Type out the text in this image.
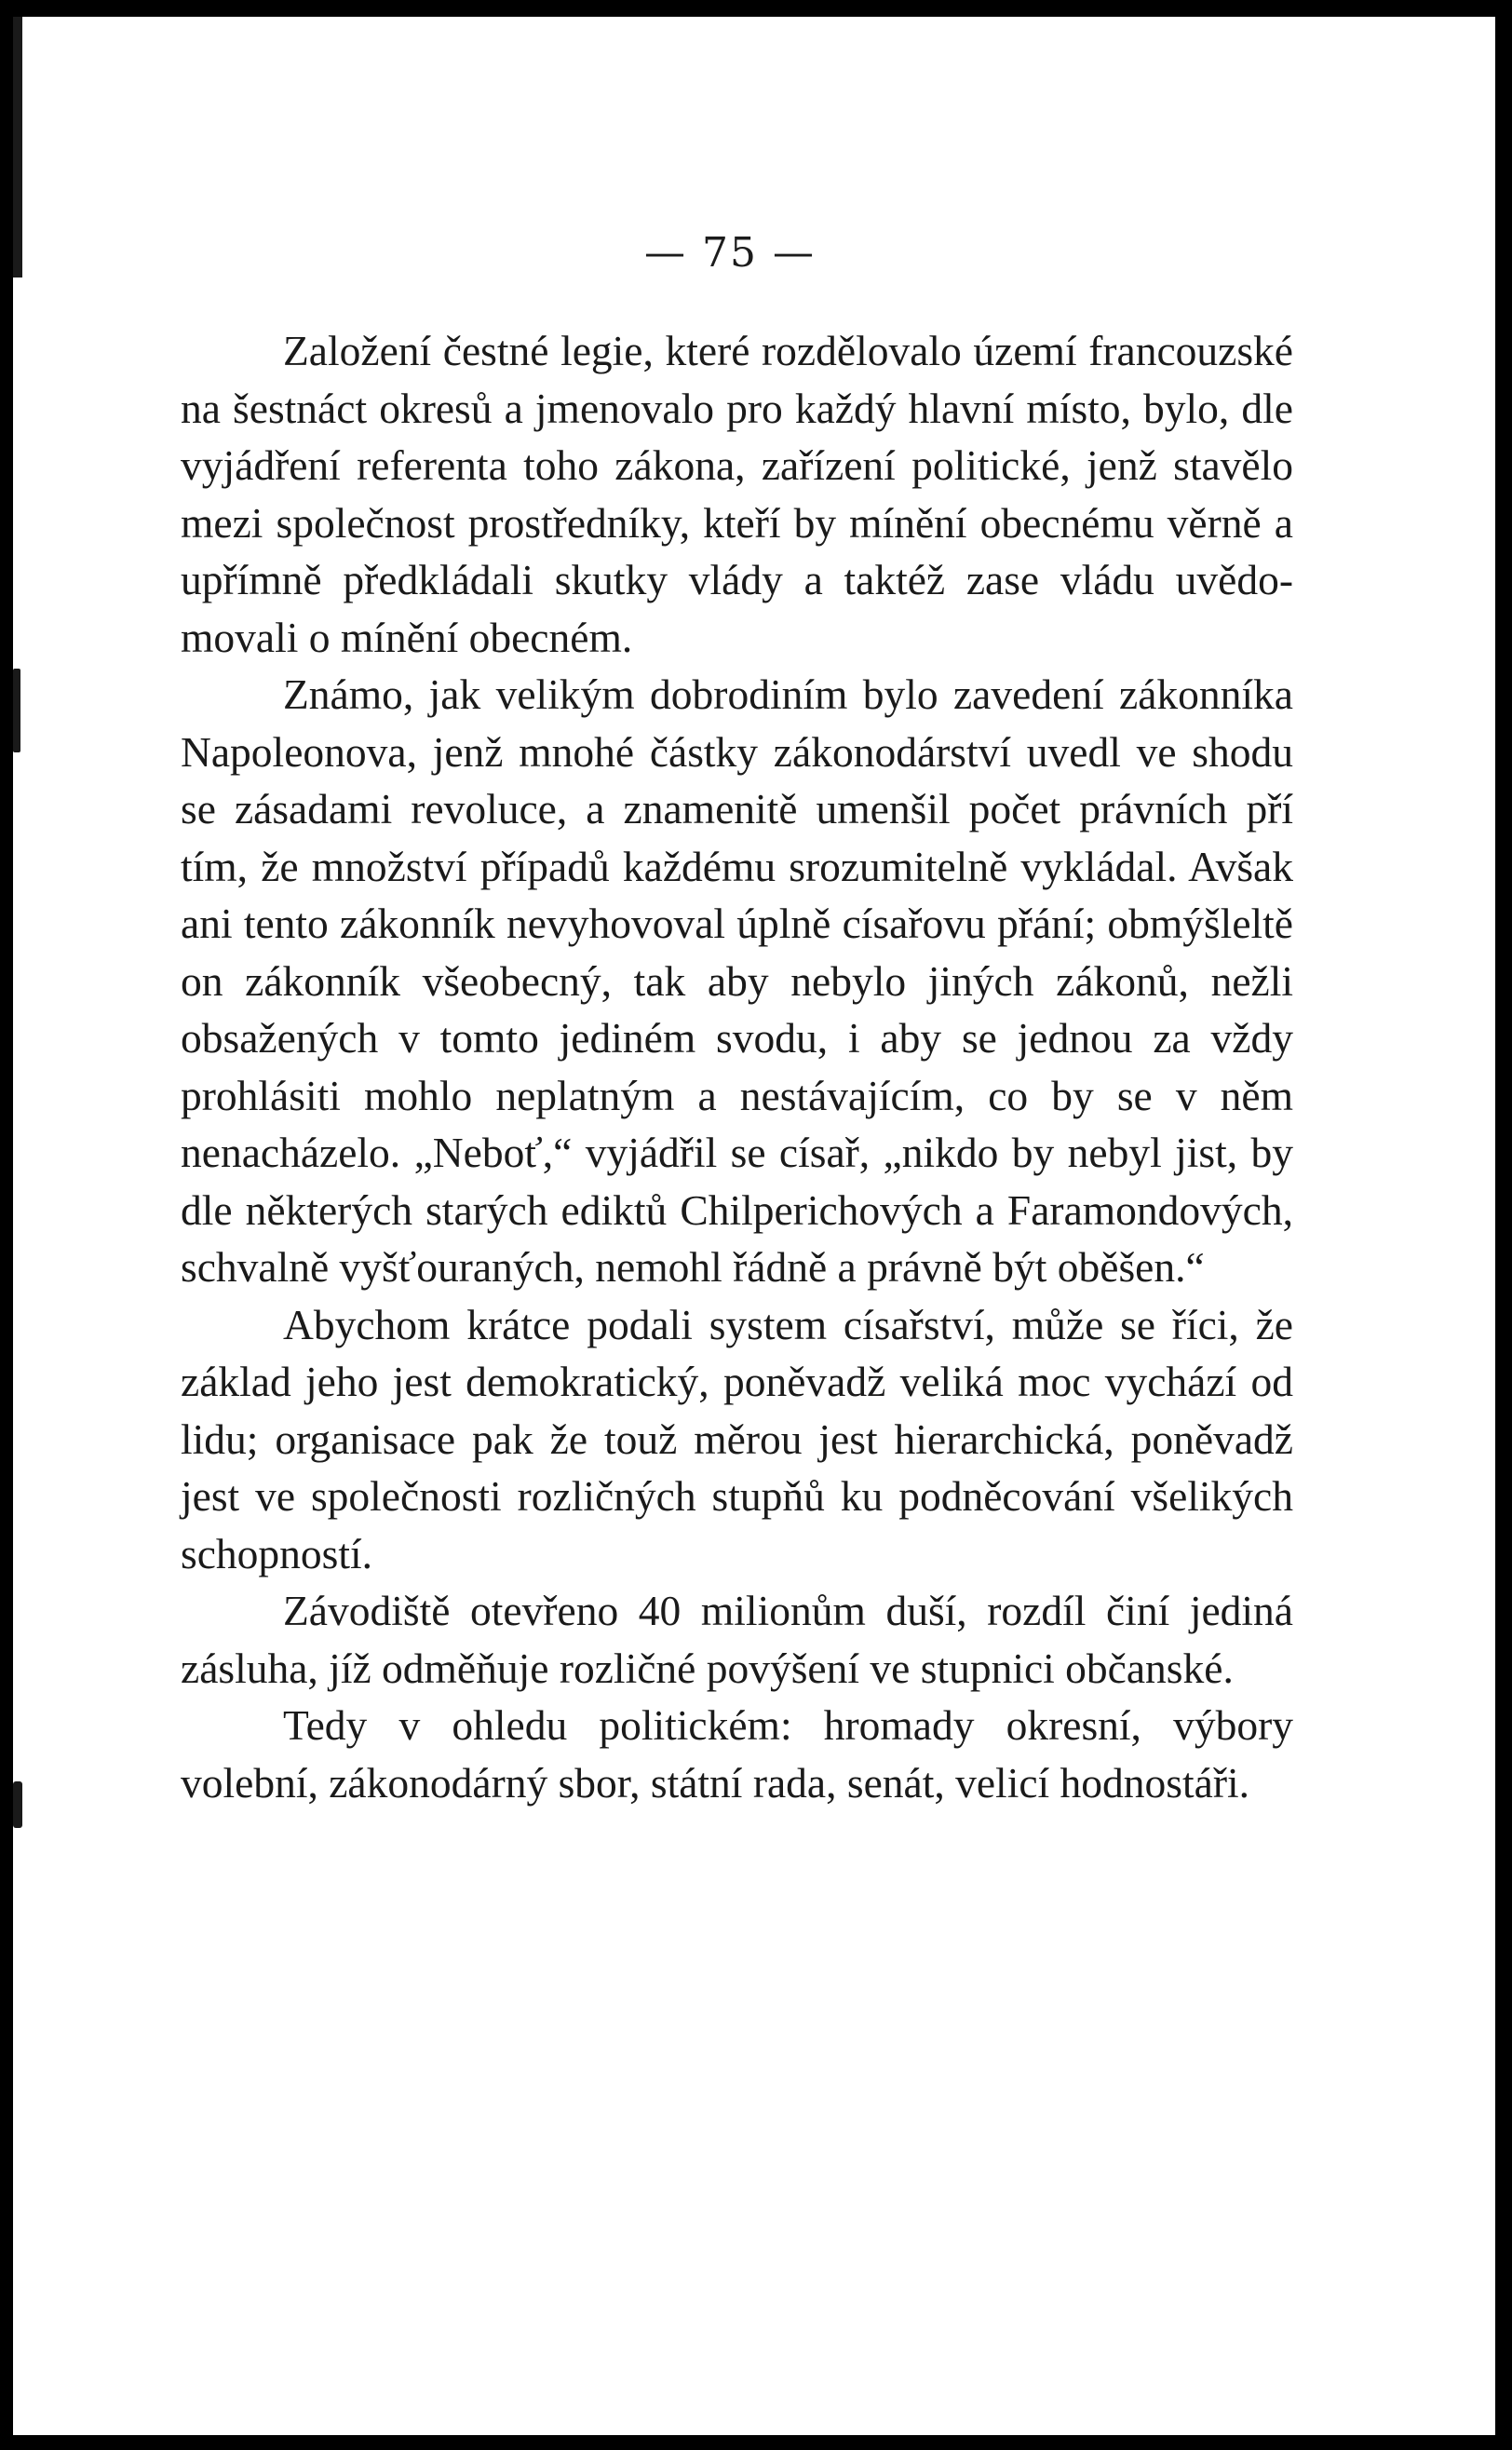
— 75 —

Založení čestné legie, které rozdělovalo území francouzské na šestnáct okresů a jmenovalo pro každý hlavní místo, bylo, dle vyjádření referenta toho zákona, zařízení politické, jenž stavělo mezi společnost prostředníky, kteří by mínění obecnému věrně a upřímně předkládali skutky vlády a taktéž zase vládu uvědomovali o mínění obecném.

Známo, jak velikým dobrodiním bylo zavedení zákonníka Napoleonova, jenž mnohé částky zákonodárství uvedl ve shodu se zásadami revoluce, a znamenitě umenšil počet právních pří tím, že množství případů každému srozumitelně vykládal. Avšak ani tento zákonník nevyhovoval úplně císařovu přání; obmýšleltě on zákonník všeobecný, tak aby nebylo jiných zákonů, nežli obsažených v tomto jediném svodu, i aby se jednou za vždy prohlásiti mohlo neplatným a nestávajícím, co by se v něm nenacházelo. „Neboť,“ vyjádřil se císař, „nikdo by nebyl jist, by dle některých starých ediktů Chilperichových a Faramondových, schvalně vyšťouraných, nemohl řádně a právně být oběšen.“

Abychom krátce podali system císařství, může se říci, že základ jeho jest demokratický, poněvadž veliká moc vychází od lidu; organisace pak že touž měrou jest hierarchická, poněvadž jest ve společnosti rozličných stupňů ku podněcování všelikých schopností.

Závodiště otevřeno 40 milionům duší, rozdíl činí jediná zásluha, jíž odměňuje rozličné povýšení ve stupnici občanské.

Tedy v ohledu politickém: hromady okresní, výbory volební, zákonodárný sbor, státní rada, senát, velicí hodnostáři.
